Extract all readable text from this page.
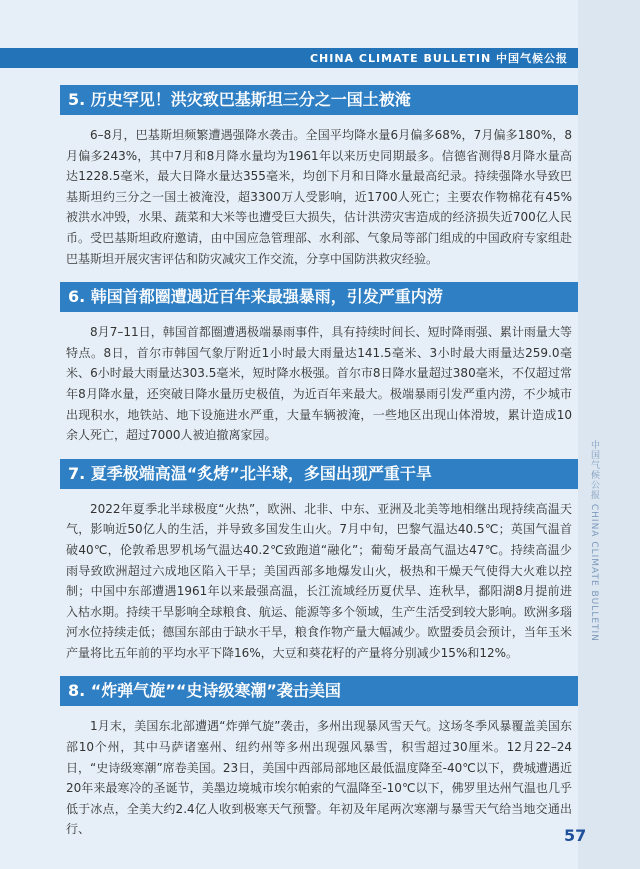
中国气候公报 CHINA CLIMATE BULLETIN
CHINA CLIMATE BULLETIN 中国气候公报
5. 历史罕见！洪灾致巴基斯坦三分之一国土被淹
6–8月，巴基斯坦频繁遭遇强降水袭击。全国平均降水量6月偏多68%，7月偏多180%，8月偏多243%，其中7月和8月降水量均为1961年以来历史同期最多。信德省测得8月降水量高达1228.5毫米，最大日降水量达355毫米，均创下月和日降水量最高纪录。持续强降水导致巴基斯坦约三分之一国土被淹没，超3300万人受影响，近1700人死亡；主要农作物棉花有45%被洪水冲毁，水果、蔬菜和大米等也遭受巨大损失，估计洪涝灾害造成的经济损失近700亿人民币。受巴基斯坦政府邀请，由中国应急管理部、水利部、气象局等部门组成的中国政府专家组赴巴基斯坦开展灾害评估和防灾减灾工作交流，分享中国防洪救灾经验。
6. 韩国首都圈遭遇近百年来最强暴雨，引发严重内涝
8月7–11日，韩国首都圈遭遇极端暴雨事件，具有持续时间长、短时降雨强、累计雨量大等特点。8日，首尔市韩国气象厅附近1小时最大雨量达141.5毫米、3小时最大雨量达259.0毫米、6小时最大雨量达303.5毫米，短时降水极强。首尔市8日降水量超过380毫米，不仅超过常年8月降水量，还突破日降水量历史极值，为近百年来最大。极端暴雨引发严重内涝，不少城市出现积水，地铁站、地下设施进水严重，大量车辆被淹，一些地区出现山体滑坡，累计造成10余人死亡，超过7000人被迫撤离家园。
7. 夏季极端高温“炙烤”北半球，多国出现严重干旱
2022年夏季北半球极度“火热”，欧洲、北非、中东、亚洲及北美等地相继出现持续高温天气，影响近50亿人的生活，并导致多国发生山火。7月中旬，巴黎气温达40.5℃；英国气温首破40℃，伦敦希思罗机场气温达40.2℃致跑道“融化”；葡萄牙最高气温达47℃。持续高温少雨导致欧洲超过六成地区陷入干旱；美国西部多地爆发山火，极热和干燥天气使得大火难以控制；中国中东部遭遇1961年以来最强高温，长江流域经历夏伏旱、连秋旱，鄱阳湖8月提前进入枯水期。持续干旱影响全球粮食、航运、能源等多个领域，生产生活受到较大影响。欧洲多瑙河水位持续走低；德国东部由于缺水干旱，粮食作物产量大幅减少。欧盟委员会预计，当年玉米产量将比五年前的平均水平下降16%，大豆和葵花籽的产量将分别减少15%和12%。
8. “炸弹气旋”“史诗级寒潮”袭击美国
1月末，美国东北部遭遇“炸弹气旋”袭击，多州出现暴风雪天气。这场冬季风暴覆盖美国东部10个州，其中马萨诸塞州、纽约州等多州出现强风暴雪，积雪超过30厘米。12月22–24日，“史诗级寒潮”席卷美国。23日，美国中西部局部地区最低温度降至-40℃以下，费城遭遇近20年来最寒冷的圣诞节，美墨边境城市埃尔帕索的气温降至-10℃以下，佛罗里达州气温也几乎低于冰点，全美大约2.4亿人收到极寒天气预警。年初及年尾两次寒潮与暴雪天气给当地交通出行、	57
